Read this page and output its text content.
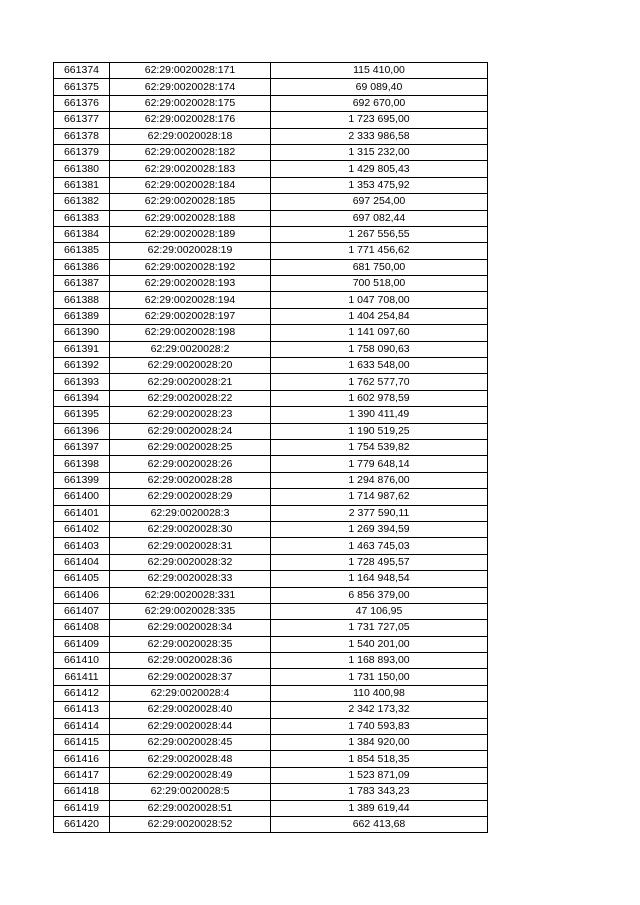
661374	62:29:0020028:171	115 410,00
661375	62:29:0020028:174	69 089,40
661376	62:29:0020028:175	692 670,00
661377	62:29:0020028:176	1 723 695,00
661378	62:29:0020028:18	2 333 986,58
661379	62:29:0020028:182	1 315 232,00
661380	62:29:0020028:183	1 429 805,43
661381	62:29:0020028:184	1 353 475,92
661382	62:29:0020028:185	697 254,00
661383	62:29:0020028:188	697 082,44
661384	62:29:0020028:189	1 267 556,55
661385	62:29:0020028:19	1 771 456,62
661386	62:29:0020028:192	681 750,00
661387	62:29:0020028:193	700 518,00
661388	62:29:0020028:194	1 047 708,00
661389	62:29:0020028:197	1 404 254,84
661390	62:29:0020028:198	1 141 097,60
661391	62:29:0020028:2	1 758 090,63
661392	62:29:0020028:20	1 633 548,00
661393	62:29:0020028:21	1 762 577,70
661394	62:29:0020028:22	1 602 978,59
661395	62:29:0020028:23	1 390 411,49
661396	62:29:0020028:24	1 190 519,25
661397	62:29:0020028:25	1 754 539,82
661398	62:29:0020028:26	1 779 648,14
661399	62:29:0020028:28	1 294 876,00
661400	62:29:0020028:29	1 714 987,62
661401	62:29:0020028:3	2 377 590,11
661402	62:29:0020028:30	1 269 394,59
661403	62:29:0020028:31	1 463 745,03
661404	62:29:0020028:32	1 728 495,57
661405	62:29:0020028:33	1 164 948,54
661406	62:29:0020028:331	6 856 379,00
661407	62:29:0020028:335	47 106,95
661408	62:29:0020028:34	1 731 727,05
661409	62:29:0020028:35	1 540 201,00
661410	62:29:0020028:36	1 168 893,00
661411	62:29:0020028:37	1 731 150,00
661412	62:29:0020028:4	110 400,98
661413	62:29:0020028:40	2 342 173,32
661414	62:29:0020028:44	1 740 593,83
661415	62:29:0020028:45	1 384 920,00
661416	62:29:0020028:48	1 854 518,35
661417	62:29:0020028:49	1 523 871,09
661418	62:29:0020028:5	1 783 343,23
661419	62:29:0020028:51	1 389 619,44
661420	62:29:0020028:52	662 413,68
